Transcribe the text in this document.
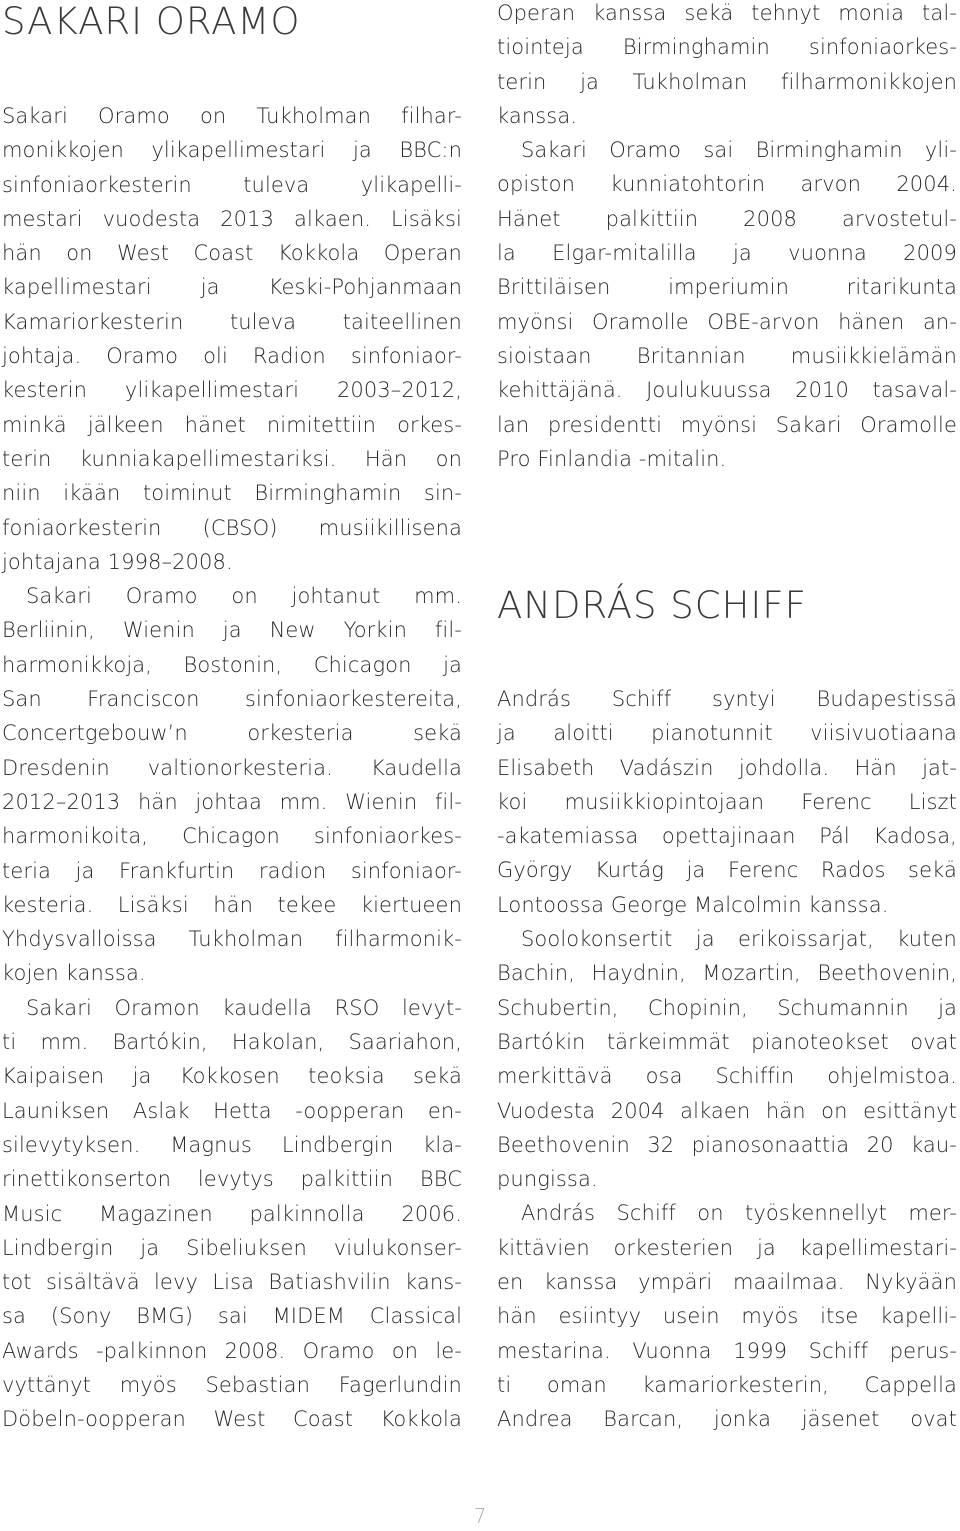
SAKARI ORAMO
Sakari Oramo on Tukholman filhar-
monikkojen ylikapellimestari ja BBC:n
sinfoniaorkesterin tuleva ylikapelli-
mestari vuodesta 2013 alkaen. Lisäksi
hän on West Coast Kokkola Operan
kapellimestari ja Keski-Pohjanmaan
Kamariorkesterin tuleva taiteellinen
johtaja. Oramo oli Radion sinfoniaor-
kesterin ylikapellimestari 2003–2012,
minkä jälkeen hänet nimitettiin orkes-
terin kunniakapellimestariksi. Hän on
niin ikään toiminut Birminghamin sin-
foniaorkesterin (CBSO) musiikillisena
johtajana 1998–2008.
Sakari Oramo on johtanut mm.
Berliinin, Wienin ja New Yorkin fil-
harmonikkoja, Bostonin, Chicagon ja
San Franciscon sinfoniaorkestereita,
Concertgebouw’n	orkesteria	sekä
Dresdenin valtionorkesteria. Kaudella
2012–2013 hän johtaa mm. Wienin fil-
harmonikoita, Chicagon sinfoniaorkes-
teria ja Frankfurtin radion sinfoniaor-
kesteria. Lisäksi hän tekee kiertueen
Yhdysvalloissa Tukholman filharmonik-
kojen kanssa.
Sakari Oramon kaudella RSO levyt-
ti mm. Bartókin, Hakolan, Saariahon,
Kaipaisen ja Kokkosen teoksia sekä
Launiksen Aslak Hetta -oopperan en-
silevytyksen. Magnus Lindbergin kla-
rinettikonserton levytys palkittiin BBC
Music Magazinen palkinnolla 2006.
Lindbergin ja Sibeliuksen viulukonser-
tot sisältävä levy Lisa Batiashvilin kans-
sa (Sony BMG) sai MIDEM Classical
Awards -palkinnon 2008. Oramo on le-
vyttänyt myös Sebastian Fagerlundin
Döbeln-oopperan West Coast Kokkola
Operan kanssa sekä tehnyt monia tal-
tiointeja Birminghamin sinfoniaorkes-
terin ja Tukholman filharmonikkojen
kanssa.
Sakari Oramo sai Birminghamin yli-
opiston kunniatohtorin arvon 2004.
Hänet palkittiin 2008 arvostetul-
la Elgar-mitalilla ja vuonna 2009
Brittiläisen	imperiumin	ritarikunta
myönsi Oramolle OBE-arvon hänen an-
sioistaan Britannian musiikkielämän
kehittäjänä. Joulukuussa 2010 tasaval-
lan presidentti myönsi Sakari Oramolle
Pro Finlandia -mitalin.
ANDRÁS SCHIFF
András Schiff syntyi Budapestissä
ja aloitti pianotunnit viisivuotiaana
Elisabeth Vadászin johdolla. Hän jat-
koi musiikkiopintojaan Ferenc Liszt
-akatemiassa opettajinaan Pál Kadosa,
György Kurtág ja Ferenc Rados sekä
Lontoossa George Malcolmin kanssa.
Soolokonsertit ja erikoissarjat, kuten
Bachin, Haydnin, Mozartin, Beethovenin,
Schubertin, Chopinin, Schumannin ja
Bartókin tärkeimmät pianoteokset ovat
merkittävä osa Schiffin ohjelmistoa.
Vuodesta 2004 alkaen hän on esittänyt
Beethovenin 32 pianosonaattia 20 kau-
pungissa.
András Schiff on työskennellyt mer-
kittävien orkesterien ja kapellimestari-
en kanssa ympäri maailmaa. Nykyään
hän esiintyy usein myös itse kapelli-
mestarina. Vuonna 1999 Schiff perus-
ti oman kamariorkesterin, Cappella
Andrea Barcan, jonka jäsenet ovat
7
